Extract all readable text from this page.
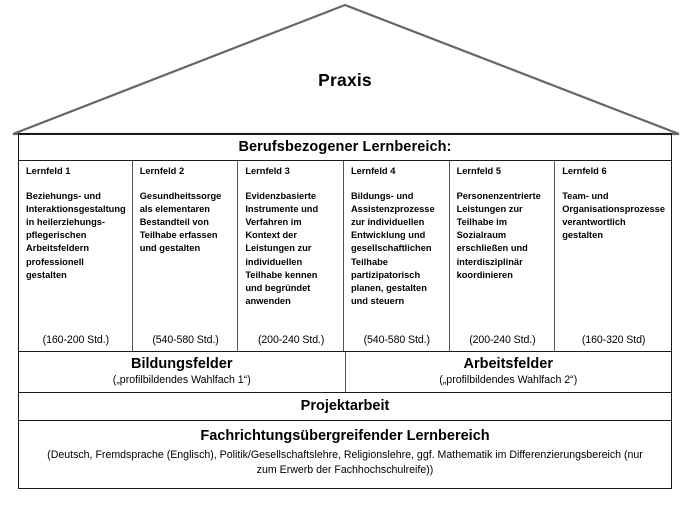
Praxis
Berufsbezogener Lernbereich:
Lernfeld 1
Beziehungs- und Interaktionsgestaltung in heilerziehungs-pflegerischen Arbeitsfeldern professionell gestalten
(160-200 Std.)
Lernfeld 2
Gesundheitssorge als elementaren Bestandteil von Teilhabe erfassen und gestalten
(540-580 Std.)
Lernfeld 3
Evidenzbasierte Instrumente und Verfahren im Kontext der Leistungen zur individuellen Teilhabe kennen und begründet anwenden
(200-240 Std.)
Lernfeld 4
Bildungs- und Assistenzprozesse zur individuellen Entwicklung und gesellschaftlichen Teilhabe partizipatorisch planen, gestalten und steuern
(540-580 Std.)
Lernfeld 5
Personenzentrierte Leistungen zur Teilhabe im Sozialraum erschließen und interdisziplinär koordinieren
(200-240 Std.)
Lernfeld 6
Team- und Organisationsprozesse verantwortlich gestalten
(160-320 Std)
Bildungsfelder
(„profilbildendes Wahlfach 1“)
Arbeitsfelder
(„profilbildendes Wahlfach 2“)
Projektarbeit
Fachrichtungsübergreifender Lernbereich
(Deutsch, Fremdsprache (Englisch), Politik/Gesellschaftslehre, Religionslehre, ggf. Mathematik im Differenzierungsbereich (nur zum Erwerb der Fachhochschulreife))
